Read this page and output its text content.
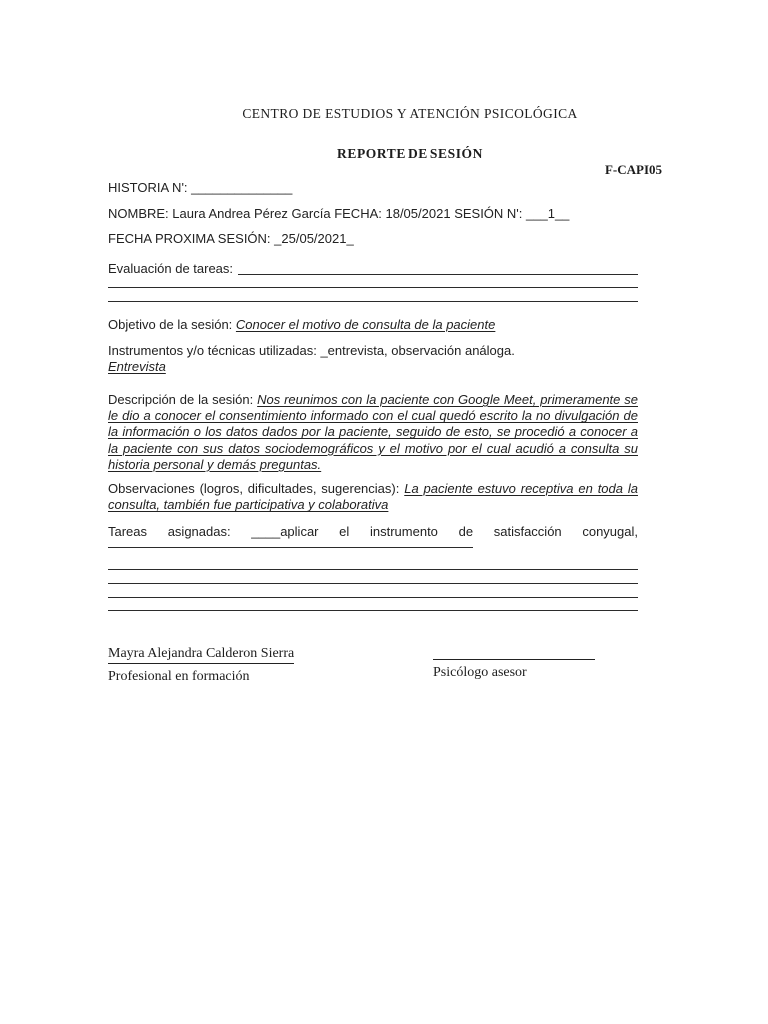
CENTRO DE ESTUDIOS Y ATENCIÓN PSICOLÓGICA
REPORTE DE SESIÓN
F-CAPI05
HISTORIA N': ______________
NOMBRE: Laura Andrea Pérez García FECHA: 18/05/2021 SESIÓN N': ___1__
FECHA PROXIMA SESIÓN: _25/05/2021_
Evaluación de tareas:
Objetivo de la sesión: Conocer el motivo de consulta de la paciente
Instrumentos y/o técnicas utilizadas: _entrevista, observación análoga.
Entrevista
Descripción de la sesión: Nos reunimos con la paciente con Google Meet, primeramente se le dio a conocer el consentimiento informado con el cual quedó escrito la no divulgación de la información o los datos dados por la paciente, seguido de esto, se procedió a conocer a la paciente con sus datos sociodemográficos y el motivo por el cual acudió a consulta su historia personal y demás preguntas.
Observaciones (logros, dificultades, sugerencias): La paciente estuvo receptiva en toda la consulta, también fue participativa y colaborativa
Tareas asignadas: ____aplicar el instrumento de satisfacción conyugal,
Mayra Alejandra Calderon Sierra
Profesional en formación	Psicólogo asesor
